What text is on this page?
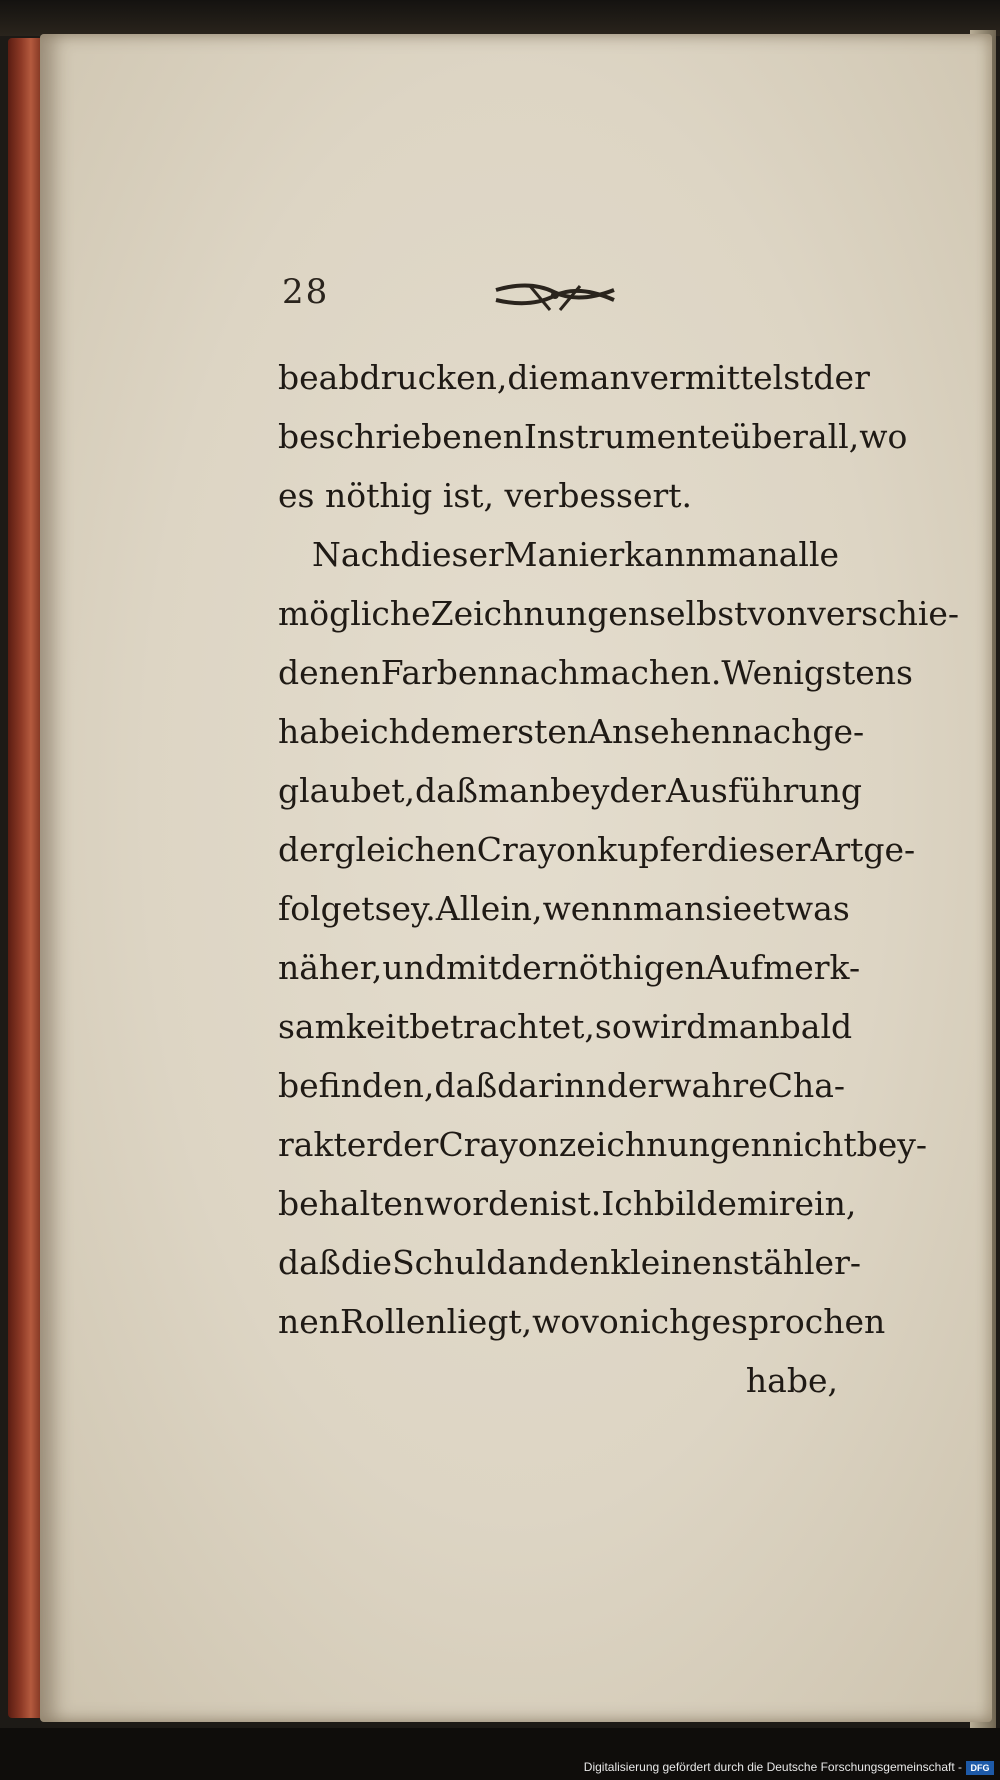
28
be abdrucken, die man vermittelst der
beschriebenen Instrumente überall, wo
es nöthig ist, verbessert.
Nach dieser Manier kann man alle
mögliche Zeichnungen selbst von verschie-
denen Farben nachmachen. Wenigstens
habe ich dem ersten Ansehen nach ge-
glaubet, daß man bey der Ausführung
dergleichen Crayonkupfer dieser Art ge-
folget sey. Allein, wenn man sie etwas
näher, und mit der nöthigen Aufmerk-
samkeit betrachtet, so wird man bald
befinden, daß darinn der wahre Cha-
rakter der Crayonzeichnungen nicht bey-
behalten worden ist. Ich bilde mir ein,
daß die Schuld an den kleinen stähler-
nen Rollen liegt, wovon ich gesprochen
habe,
Digitalisierung gefördert durch die Deutsche Forschungsgemeinschaft - DFG
